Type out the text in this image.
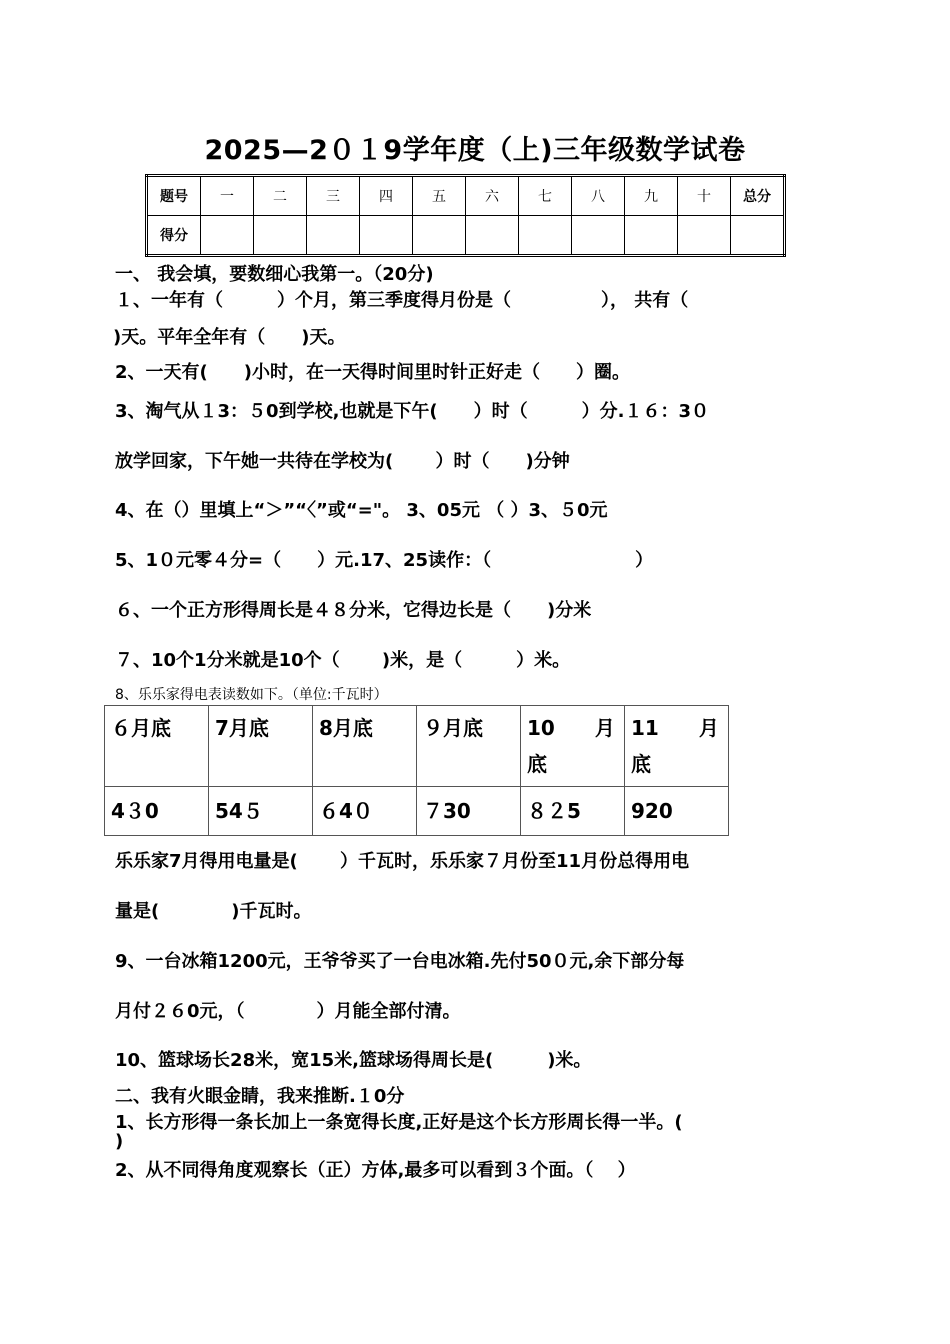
2025—2０１9学年度（上)三年级数学试卷
题号	一	二	三	四	五	六	七	八	九	十	总分
得分											
一、 我会填，要数细心我第一。（20分)
１、一年有（　　　）个月，第三季度得月份是（　　　　　）， 共有（
)天。平年全年有（　　)天。
2、一天有(　　)小时，在一天得时间里时针正好走（　　）圈。
3、淘气从１3：５0到学校,也就是下午(　　）时（　　　）分.１６：3０
放学回家，下午她一共待在学校为(　　 ）时（　　)分钟
4、在（）里填上“＞”“〈”或“="。 3、05元 （ ）3、５0元
5、1０元零４分=（　　）元.17、25读作：（　　　　　　　　）
６、一个正方形得周长是４８分米，它得边长是（　　)分米
７、10个1分米就是10个（　　 )米，是（　　　）米。
8、乐乐家得电表读数如下。（单位:千瓦时）
６月底	7月底	8月底	９月底	10　　月底	11　　月底
4３0	54５	６4０	７30	８２5	920
乐乐家7月得用电量是(　　 ）千瓦时，乐乐家７月份至11月份总得用电
量是(　　　　)千瓦时。
9、一台冰箱1200元，王爷爷买了一台电冰箱.先付50０元,余下部分每
月付２６0元，（　　　　）月能全部付清。
10、篮球场长28米，宽15米,篮球场得周长是(　　　)米。
二、我有火眼金睛，我来推断.１0分
1、长方形得一条长加上一条宽得长度,正好是这个长方形周长得一半。(
)
2、从不同得角度观察长（正）方体,最多可以看到３个面。（　 ）
